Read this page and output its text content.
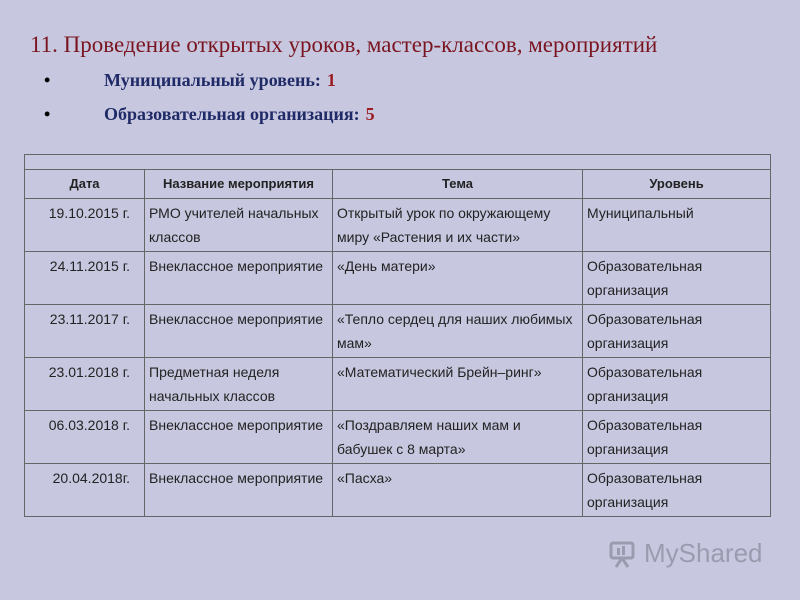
11. Проведение открытых уроков, мастер-классов, мероприятий
•	Муниципальный уровень: 1
•	Образовательная организация: 5

Дата	Название мероприятия	Тема	Уровень
19.10.2015 г.	РМО учителей начальных классов	Открытый урок по окружающему миру «Растения и их части»	Муниципальный
24.11.2015 г.	Внеклассное мероприятие	«День матери»	Образовательная организация
23.11.2017 г.	Внеклассное мероприятие	«Тепло сердец для наших любимых мам»	Образовательная организация
23.01.2018 г.	Предметная неделя начальных классов	«Математический Брейн–ринг»	Образовательная организация
06.03.2018 г.	Внеклассное мероприятие	«Поздравляем наших мам и бабушек с 8 марта»	Образовательная организация
20.04.2018г.	Внеклассное мероприятие	«Пасха»	Образовательная организация
MyShared
